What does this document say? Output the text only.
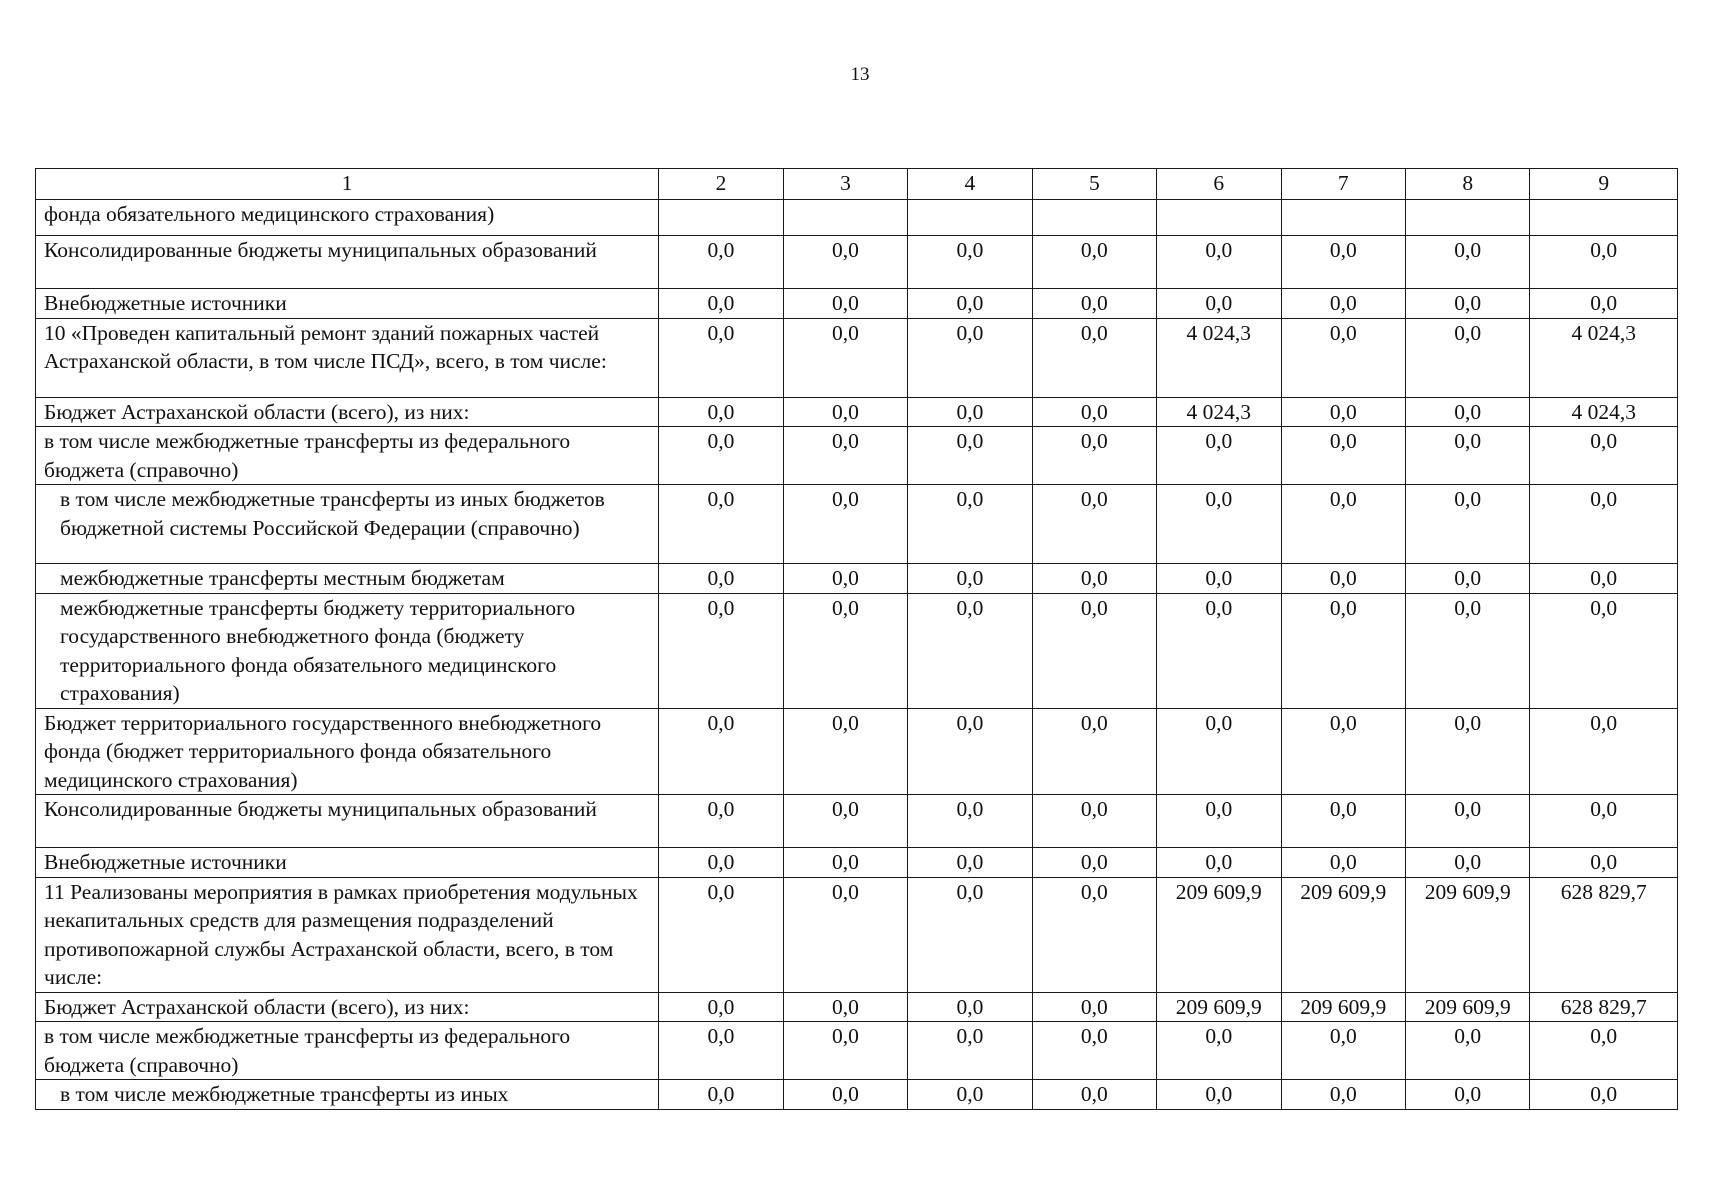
13
1	2	3	4	5	6	7	8	9
фонда обязательного медицинского страхования)								
Консолидированные бюджеты муниципальных образований	0,0	0,0	0,0	0,0	0,0	0,0	0,0	0,0
Внебюджетные источники	0,0	0,0	0,0	0,0	0,0	0,0	0,0	0,0
10 «Проведен капитальный ремонт зданий пожарных частей Астраханской области, в том числе ПСД», всего, в том числе:	0,0	0,0	0,0	0,0	4 024,3	0,0	0,0	4 024,3
Бюджет Астраханской области (всего), из них:	0,0	0,0	0,0	0,0	4 024,3	0,0	0,0	4 024,3
в том числе межбюджетные трансферты из федерального бюджета (справочно)	0,0	0,0	0,0	0,0	0,0	0,0	0,0	0,0
в том числе межбюджетные трансферты из иных бюджетов бюджетной системы Российской Федерации (справочно)	0,0	0,0	0,0	0,0	0,0	0,0	0,0	0,0
межбюджетные трансферты местным бюджетам	0,0	0,0	0,0	0,0	0,0	0,0	0,0	0,0
межбюджетные трансферты бюджету территориального государственного внебюджетного фонда (бюджету территориального фонда обязательного медицинского страхования)	0,0	0,0	0,0	0,0	0,0	0,0	0,0	0,0
Бюджет территориального государственного внебюджетного фонда (бюджет территориального фонда обязательного медицинского страхования)	0,0	0,0	0,0	0,0	0,0	0,0	0,0	0,0
Консолидированные бюджеты муниципальных образований	0,0	0,0	0,0	0,0	0,0	0,0	0,0	0,0
Внебюджетные источники	0,0	0,0	0,0	0,0	0,0	0,0	0,0	0,0
11 Реализованы мероприятия в рамках приобретения модульных некапитальных средств для размещения подразделений противопожарной службы Астраханской области, всего, в том числе:	0,0	0,0	0,0	0,0	209 609,9	209 609,9	209 609,9	628 829,7
Бюджет Астраханской области (всего), из них:	0,0	0,0	0,0	0,0	209 609,9	209 609,9	209 609,9	628 829,7
в том числе межбюджетные трансферты из федерального бюджета (справочно)	0,0	0,0	0,0	0,0	0,0	0,0	0,0	0,0
в том числе межбюджетные трансферты из иных	0,0	0,0	0,0	0,0	0,0	0,0	0,0	0,0
